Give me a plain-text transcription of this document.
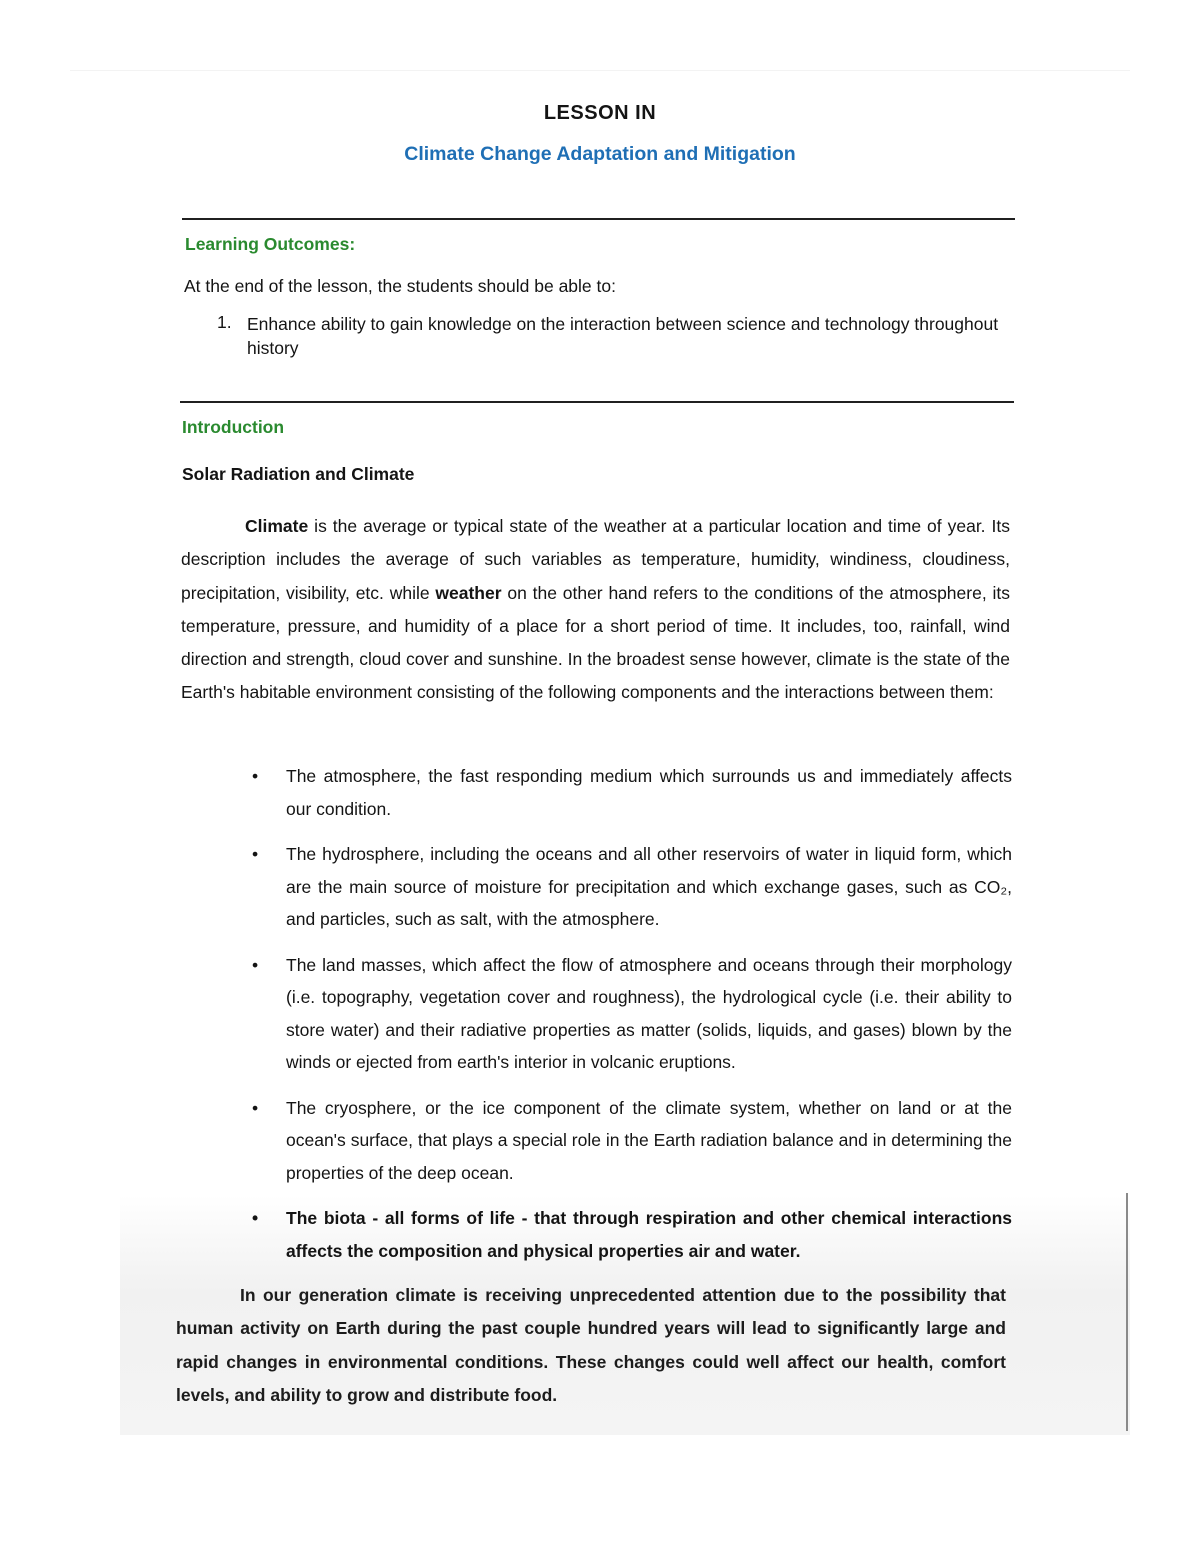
LESSON IN
Climate Change Adaptation and Mitigation
Learning Outcomes:
At the end of the lesson, the students should be able to:
1. Enhance ability to gain knowledge on the interaction between science and technology throughout history
Introduction
Solar Radiation and Climate
Climate is the average or typical state of the weather at a particular location and time of year. Its description includes the average of such variables as temperature, humidity, windiness, cloudiness, precipitation, visibility, etc. while weather on the other hand refers to the conditions of the atmosphere, its temperature, pressure, and humidity of a place for a short period of time. It includes, too, rainfall, wind direction and strength, cloud cover and sunshine. In the broadest sense however, climate is the state of the Earth's habitable environment consisting of the following components and the interactions between them:
• The atmosphere, the fast responding medium which surrounds us and immediately affects our condition.
• The hydrosphere, including the oceans and all other reservoirs of water in liquid form, which are the main source of moisture for precipitation and which exchange gases, such as CO₂, and particles, such as salt, with the atmosphere.
• The land masses, which affect the flow of atmosphere and oceans through their morphology (i.e. topography, vegetation cover and roughness), the hydrological cycle (i.e. their ability to store water) and their radiative properties as matter (solids, liquids, and gases) blown by the winds or ejected from earth's interior in volcanic eruptions.
• The cryosphere, or the ice component of the climate system, whether on land or at the ocean's surface, that plays a special role in the Earth radiation balance and in determining the properties of the deep ocean.
• The biota - all forms of life - that through respiration and other chemical interactions affects the composition and physical properties air and water.
In our generation climate is receiving unprecedented attention due to the possibility that human activity on Earth during the past couple hundred years will lead to significantly large and rapid changes in environmental conditions. These changes could well affect our health, comfort levels, and ability to grow and distribute food.
